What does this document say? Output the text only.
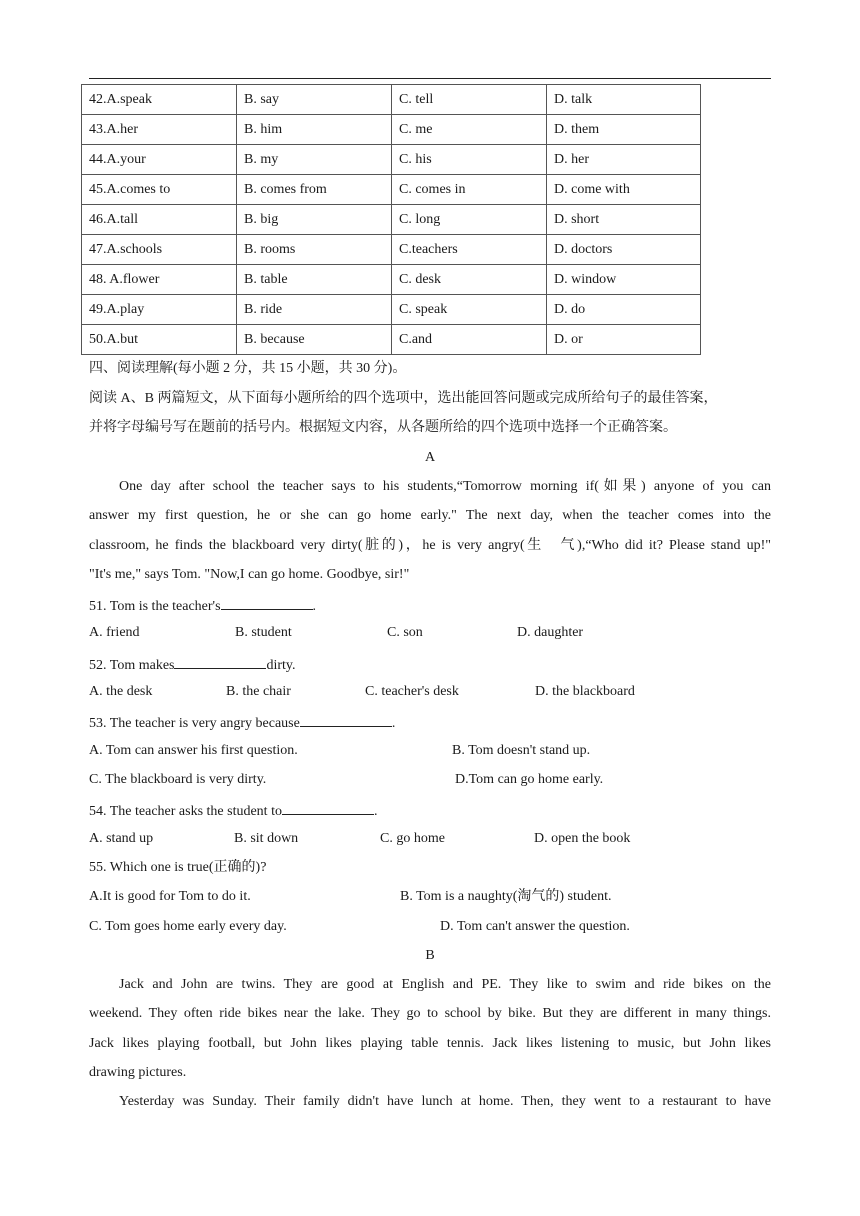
42.A.speak	B. say	C. tell	D. talk
43.A.her	B. him	C. me	D. them
44.A.your	B. my	C. his	D. her
45.A.comes to	B. comes from	C. comes in	D. come with
46.A.tall	B. big	C. long	D. short
47.A.schools	B. rooms	C.teachers	D. doctors
48. A.flower	B. table	C. desk	D. window
49.A.play	B. ride	C. speak	D. do
50.A.but	B. because	C.and	D. or
四、阅读理解(每小题 2 分，共 15 小题，共 30 分)。
阅读 A、B 两篇短文，从下面每小题所给的四个选项中，选出能回答问题或完成所给句子的最佳答案，
并将字母编号写在题前的括号内。根据短文内容，从各题所给的四个选项中选择一个正确答案。
A
One day after school the teacher says to his students,“Tomorrow morning if(如果) anyone of you can
answer my first question, he or she can go home early." The next day, when the teacher comes into the
classroom, he finds the blackboard very dirty(脏的)，he is very angry(生　气),“Who did it? Please stand up!"
"It's me," says Tom. "Now,I can go home. Goodbye, sir!"
51. Tom is the teacher's	.
A. friend	B. student	C. son	D. daughter
52. Tom makes	dirty.
A. the desk	B. the chair	C. teacher's desk	D. the blackboard
53. The teacher is very angry because	.
A. Tom can answer his first question.	B. Tom doesn't stand up.
C. The blackboard is very dirty.	D.Tom can go home early.
54. The teacher asks the student to	.
A. stand up	B. sit down	C. go home	D. open the book
55. Which one is true(正确的)?
A.It is good for Tom to do it.	B. Tom is a naughty(淘气的) student.
C. Tom goes home early every day.	D. Tom can't answer the question.
B
Jack and John are twins. They are good at English and PE. They like to swim and ride bikes on the
weekend. They often ride bikes near the lake. They go to school by bike. But they are different in many things.
Jack likes playing football, but John likes playing table tennis. Jack likes listening to music, but John likes
drawing pictures.
Yesterday was Sunday. Their family didn't have lunch at home. Then, they went to a restaurant to have
